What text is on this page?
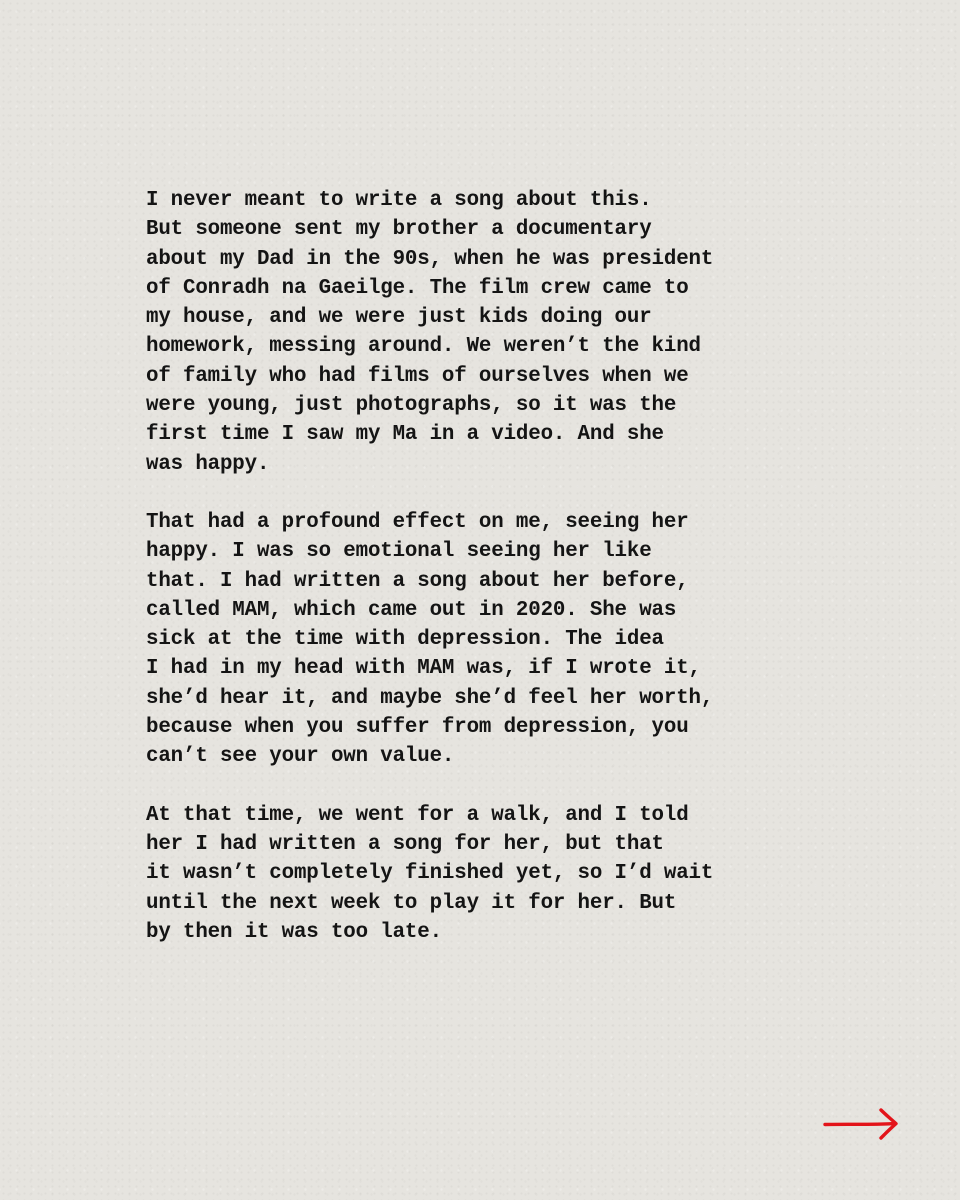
I never meant to write a song about this.
But someone sent my brother a documentary
about my Dad in the 90s, when he was president
of Conradh na Gaeilge. The film crew came to
my house, and we were just kids doing our
homework, messing around. We weren’t the kind
of family who had films of ourselves when we
were young, just photographs, so it was the
first time I saw my Ma in a video. And she
was happy.
That had a profound effect on me, seeing her
happy. I was so emotional seeing her like
that. I had written a song about her before,
called MAM, which came out in 2020. She was
sick at the time with depression. The idea
I had in my head with MAM was, if I wrote it,
she’d hear it, and maybe she’d feel her worth,
because when you suffer from depression, you
can’t see your own value.
At that time, we went for a walk, and I told
her I had written a song for her, but that
it wasn’t completely finished yet, so I’d wait
until the next week to play it for her. But
by then it was too late.
